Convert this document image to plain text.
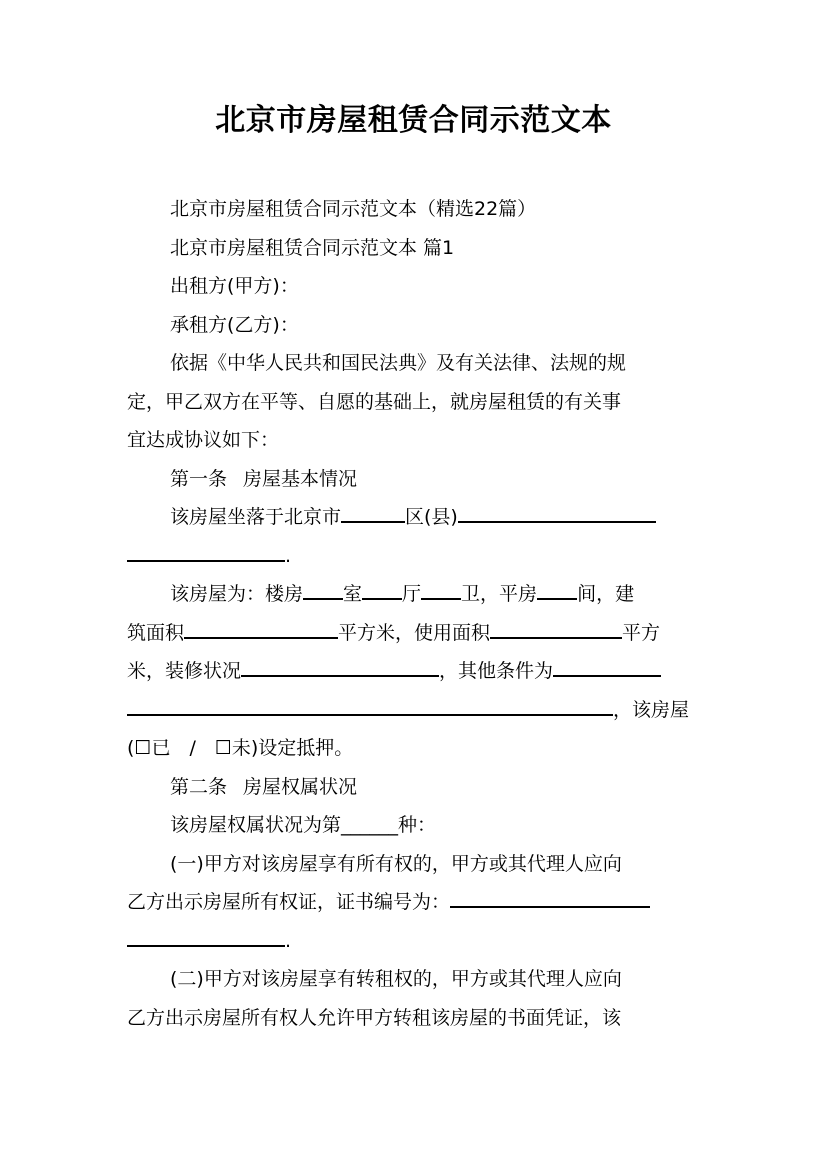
北京市房屋租赁合同示范文本

北京市房屋租赁合同示范文本（精选22篇）

北京市房屋租赁合同示范文本 篇1

出租方(甲方)：

承租方(乙方)：

依据《中华人民共和国民法典》及有关法律、法规的规

定，甲乙双方在平等、自愿的基础上，就房屋租赁的有关事

宜达成协议如下：

第一条 房屋基本情况

该房屋坐落于北京市	区(县)

.

该房屋为：楼房 室 厅 卫，平房 间，建

筑面积	平方米，使用面积	平方

米，装修状况	，其他条件为

，该房屋

(☐已　/　☐未)设定抵押。

第二条 房屋权属状况

该房屋权属状况为第______种：

(一)甲方对该房屋享有所有权的，甲方或其代理人应向

乙方出示房屋所有权证，证书编号为：

.

(二)甲方对该房屋享有转租权的，甲方或其代理人应向

乙方出示房屋所有权人允许甲方转租该房屋的书面凭证，该
